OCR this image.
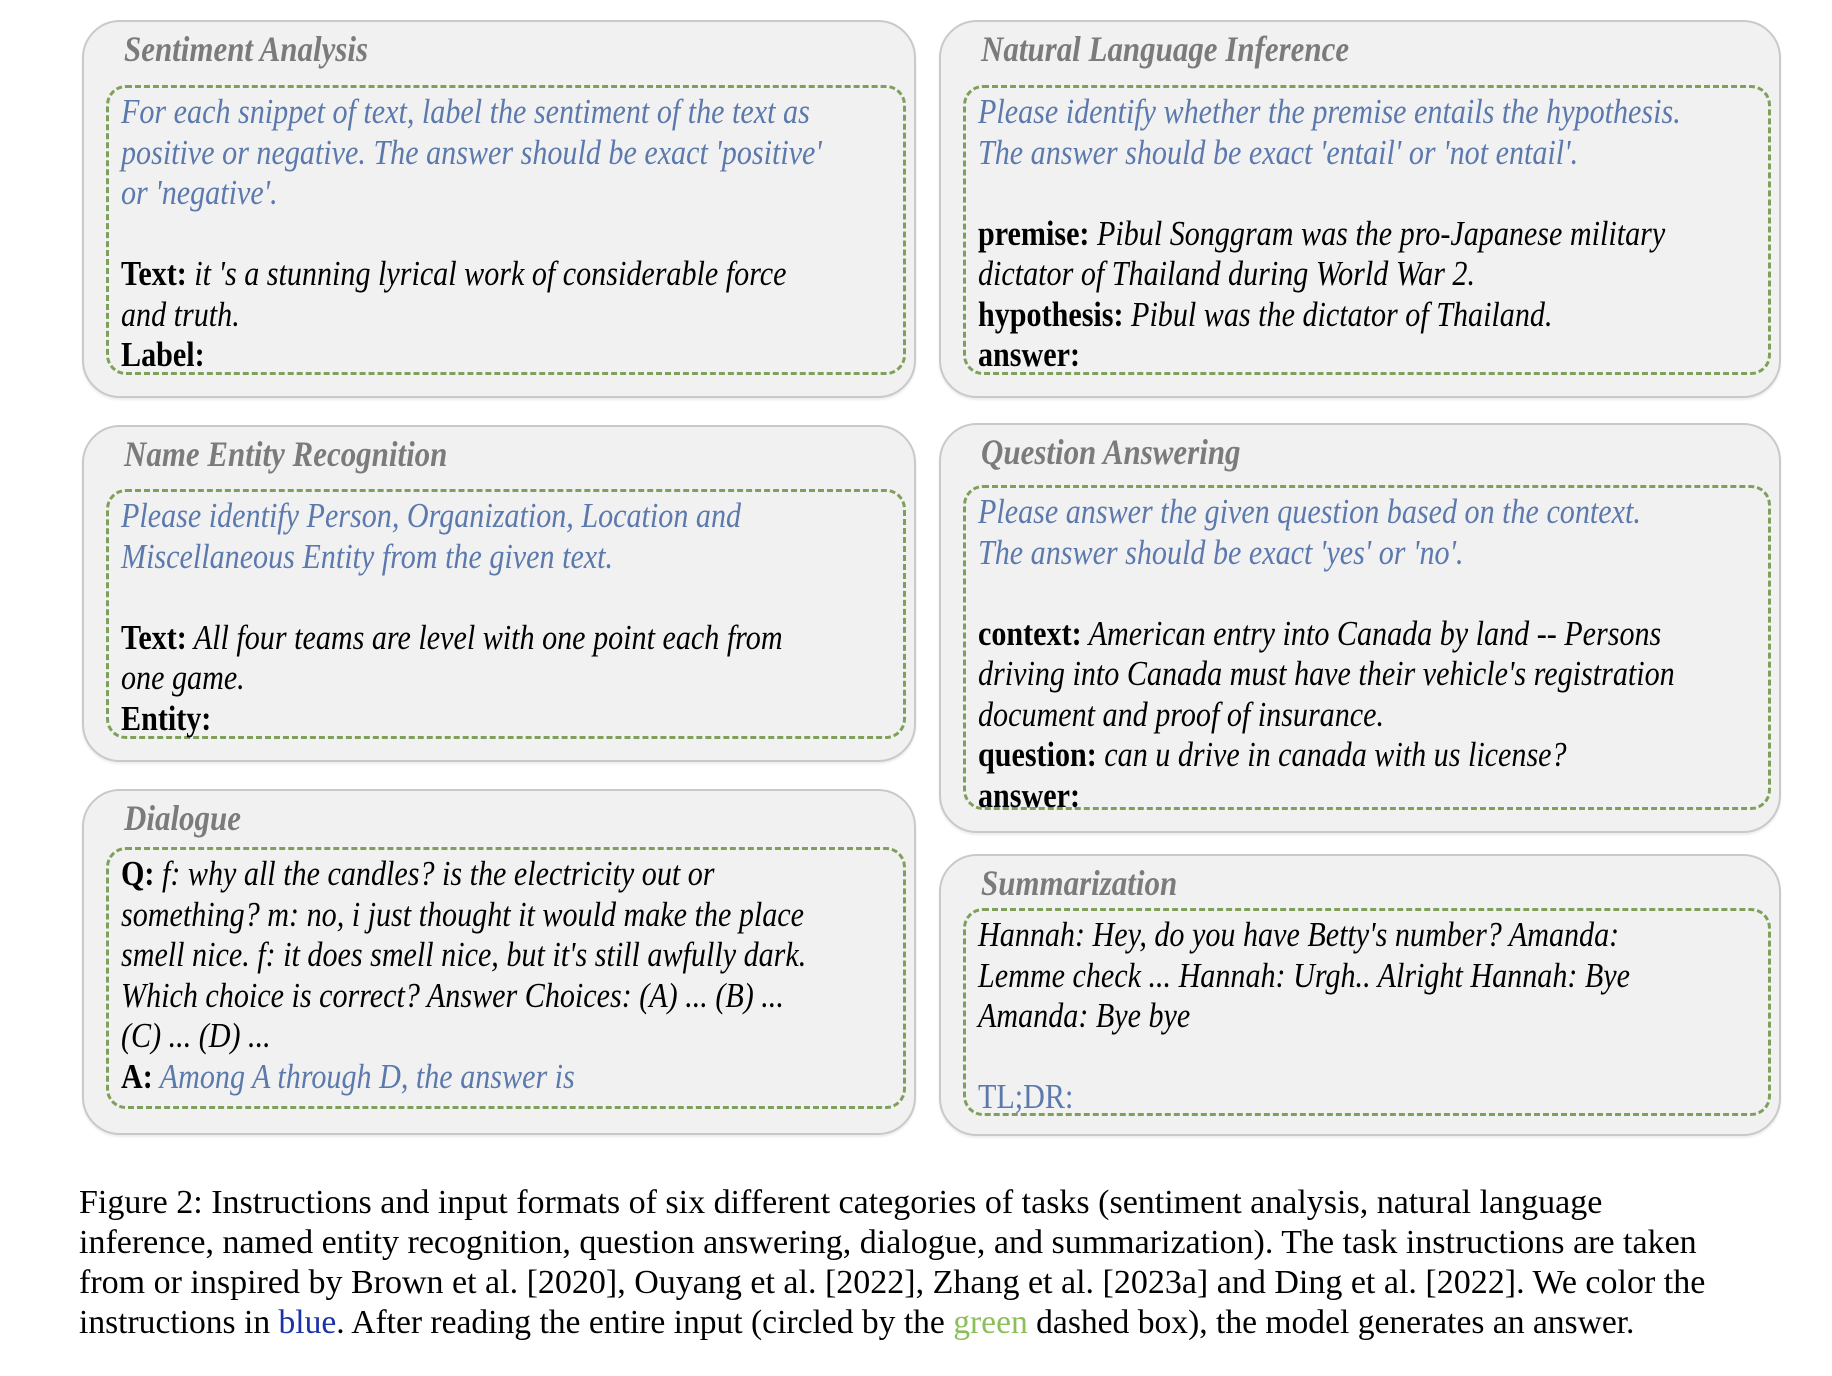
Sentiment Analysis
For each snippet of text, label the sentiment of the text as
positive or negative. The answer should be exact 'positive'
or 'negative'.
Text: it 's a stunning lyrical work of considerable force
and truth.
Label:
Natural Language Inference
Please identify whether the premise entails the hypothesis.
The answer should be exact 'entail' or 'not entail'.
premise: Pibul Songgram was the pro-Japanese military
dictator of Thailand during World War 2.
hypothesis: Pibul was the dictator of Thailand.
answer:
Name Entity Recognition
Please identify Person, Organization, Location and
Miscellaneous Entity from the given text.
Text: All four teams are level with one point each from
one game.
Entity:
Question Answering
Please answer the given question based on the context.
The answer should be exact 'yes' or 'no'.
context: American entry into Canada by land -- Persons
driving into Canada must have their vehicle's registration
document and proof of insurance.
question: can u drive in canada with us license?
answer:
Dialogue
Q: f: why all the candles? is the electricity out or
something? m: no, i just thought it would make the place
smell nice. f: it does smell nice, but it's still awfully dark.
Which choice is correct? Answer Choices: (A) ... (B) ...
(C) ... (D) ...
A: Among A through D, the answer is
Summarization
Hannah: Hey, do you have Betty's number? Amanda:
Lemme check ... Hannah: Urgh.. Alright Hannah: Bye
Amanda: Bye bye
TL;DR:
Figure 2: Instructions and input formats of six different categories of tasks (sentiment analysis, natural language
inference, named entity recognition, question answering, dialogue, and summarization). The task instructions are taken
from or inspired by Brown et al. [2020], Ouyang et al. [2022], Zhang et al. [2023a] and Ding et al. [2022]. We color the
instructions in blue. After reading the entire input (circled by the green dashed box), the model generates an answer.
